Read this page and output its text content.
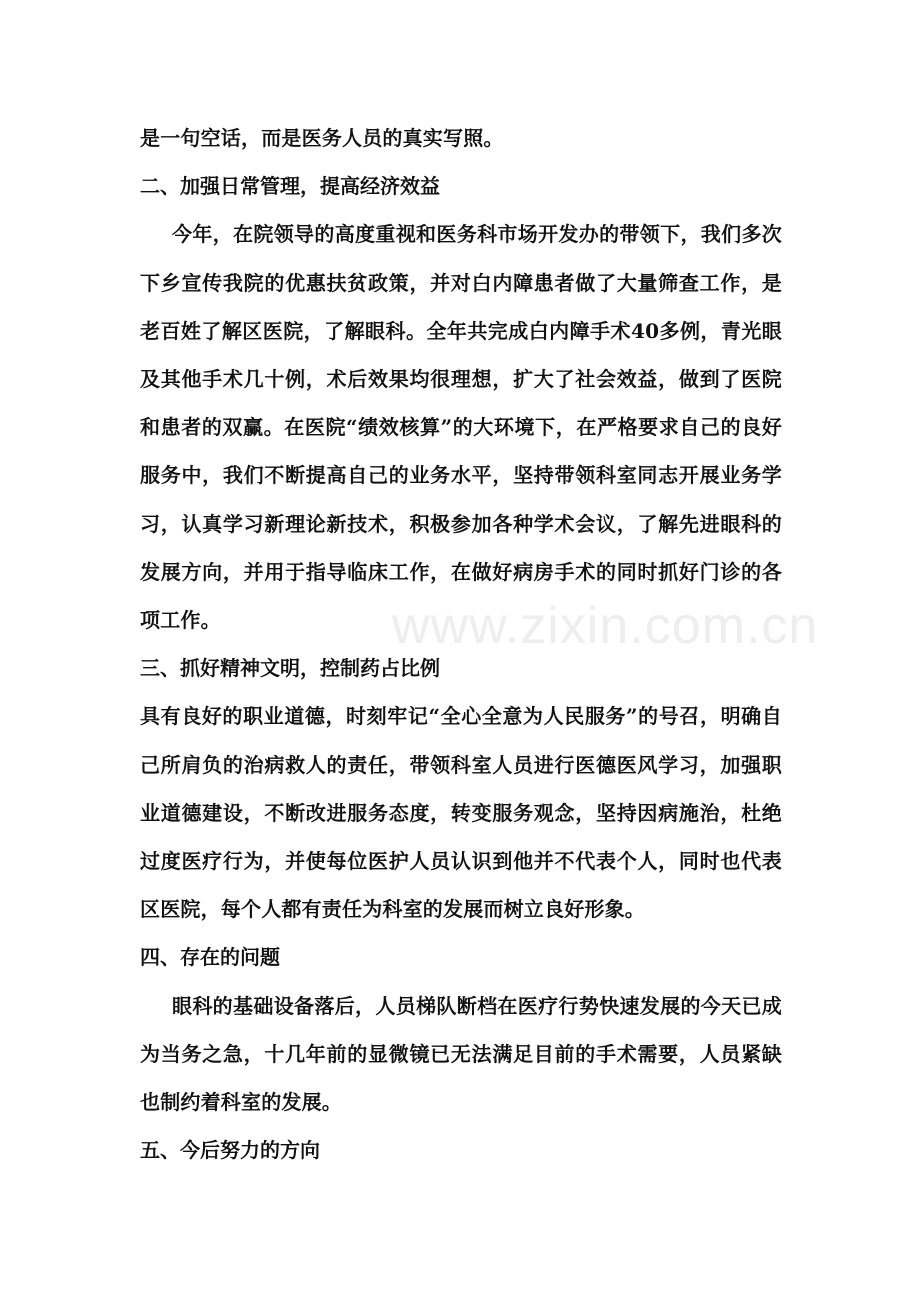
是一句空话，而是医务人员的真实写照。

二、加强日常管理，提高经济效益

今年，在院领导的高度重视和医务科市场开发办的带领下，我们多次下乡宣传我院的优惠扶贫政策，并对白内障患者做了大量筛查工作，是老百姓了解区医院，了解眼科。全年共完成白内障手术40多例，青光眼及其他手术几十例，术后效果均很理想，扩大了社会效益，做到了医院和患者的双赢。在医院“绩效核算”的大环境下，在严格要求自己的良好服务中，我们不断提高自己的业务水平，坚持带领科室同志开展业务学习，认真学习新理论新技术，积极参加各种学术会议，了解先进眼科的发展方向，并用于指导临床工作，在做好病房手术的同时抓好门诊的各项工作。

三、抓好精神文明，控制药占比例

具有良好的职业道德，时刻牢记“全心全意为人民服务”的号召，明确自己所肩负的治病救人的责任，带领科室人员进行医德医风学习，加强职业道德建设，不断改进服务态度，转变服务观念，坚持因病施治，杜绝过度医疗行为，并使每位医护人员认识到他并不代表个人，同时也代表区医院，每个人都有责任为科室的发展而树立良好形象。

四、存在的问题

眼科的基础设备落后，人员梯队断档在医疗行势快速发展的今天已成为当务之急，十几年前的显微镜已无法满足目前的手术需要，人员紧缺也制约着科室的发展。

五、今后努力的方向

www.zixin.com.cn
